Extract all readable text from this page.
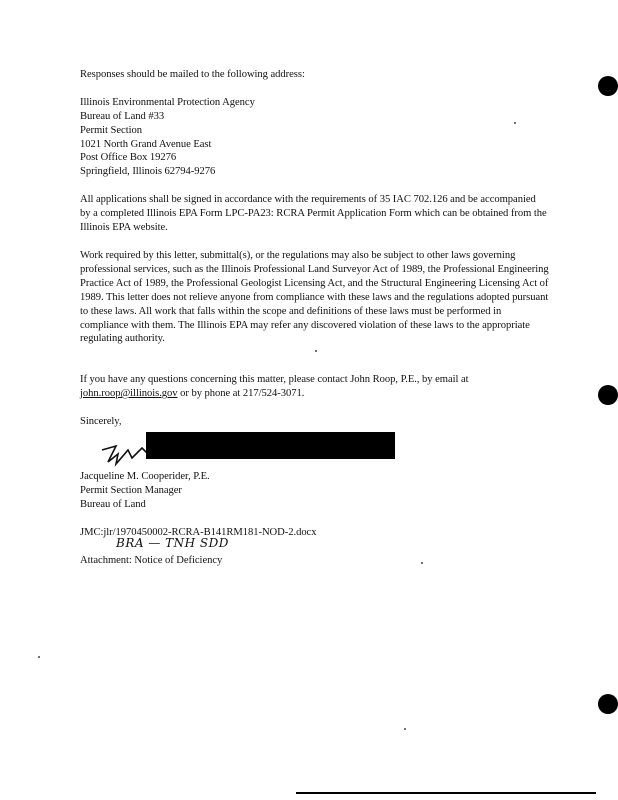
Responses should be mailed to the following address:
Illinois Environmental Protection Agency
Bureau of Land #33
Permit Section
1021 North Grand Avenue East
Post Office Box 19276
Springfield, Illinois 62794-9276
All applications shall be signed in accordance with the requirements of 35 IAC 702.126 and be accompanied by a completed Illinois EPA Form LPC-PA23: RCRA Permit Application Form which can be obtained from the Illinois EPA website.
Work required by this letter, submittal(s), or the regulations may also be subject to other laws governing professional services, such as the Illinois Professional Land Surveyor Act of 1989, the Professional Engineering Practice Act of 1989, the Professional Geologist Licensing Act, and the Structural Engineering Licensing Act of 1989. This letter does not relieve anyone from compliance with these laws and the regulations adopted pursuant to these laws. All work that falls within the scope and definitions of these laws must be performed in compliance with them. The Illinois EPA may refer any discovered violation of these laws to the appropriate regulating authority.
If you have any questions concerning this matter, please contact John Roop, P.E., by email at
john.roop@illinois.gov or by phone at 217/524-3071.
Sincerely,
Jacqueline M. Cooperider, P.E.
Permit Section Manager
Bureau of Land
JMC:jlr/1970450002-RCRA-B141RM181-NOD-2.docx
BRA — TNH SDD
Attachment: Notice of Deficiency
